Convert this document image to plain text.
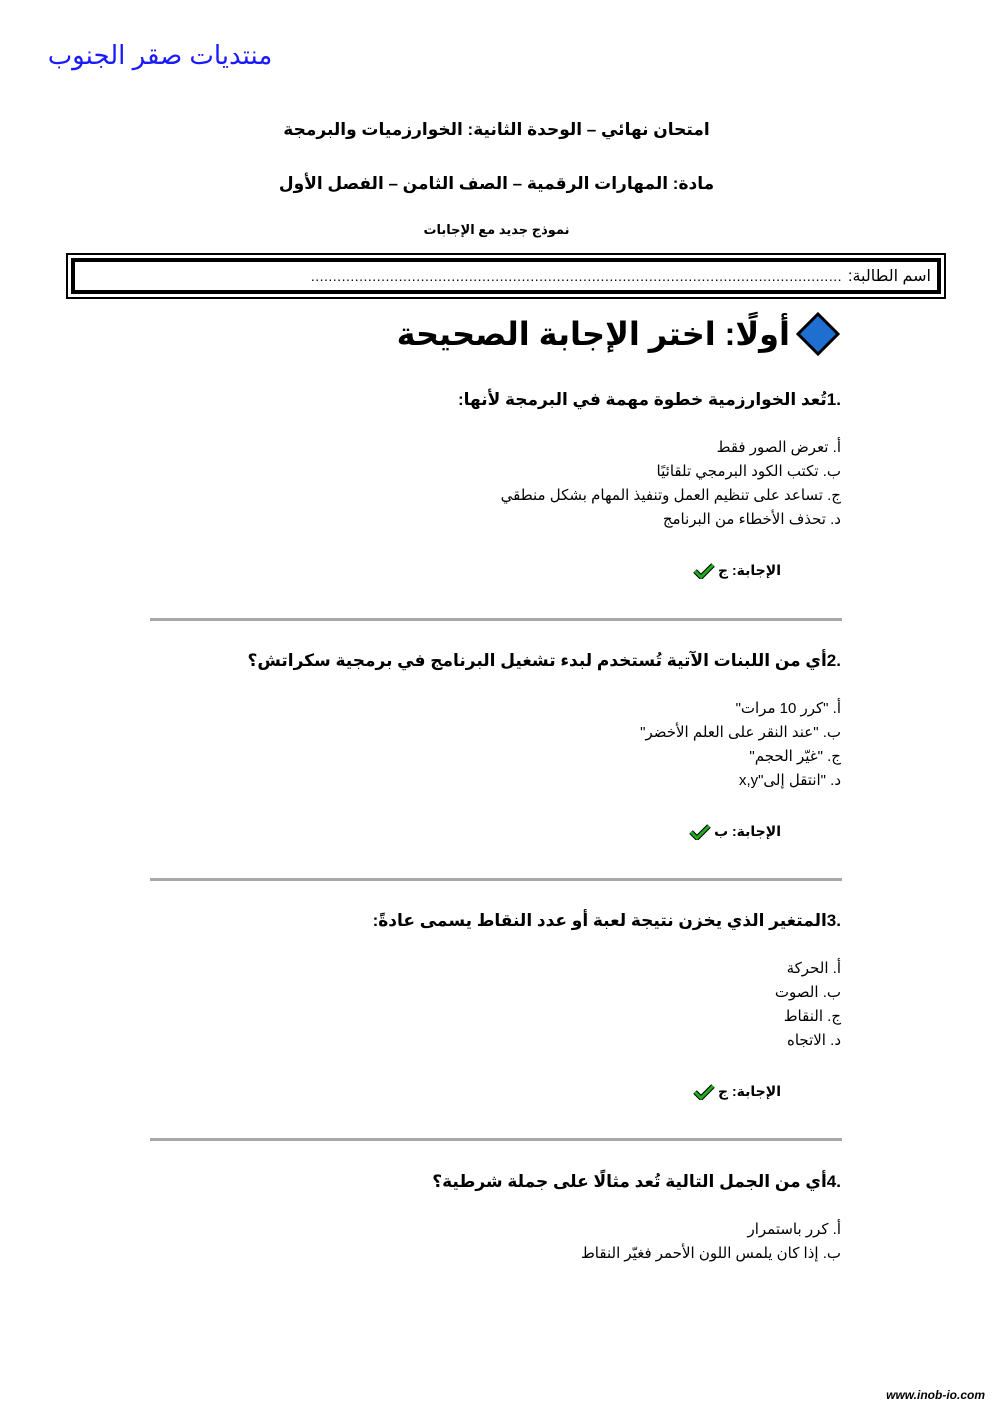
منتديات صقر الجنوب
امتحان نهائي – الوحدة الثانية: الخوارزميات والبرمجة
مادة: المهارات الرقمية – الصف الثامن – الفصل الأول
نموذج جديد مع الإجابات
اسم الطالبة:
.........................................................................................................................
أولًا: اختر الإجابة الصحيحة
.1تُعد الخوارزمية خطوة مهمة في البرمجة لأنها:
أ. تعرض الصور فقط
ب. تكتب الكود البرمجي تلقائيًا
ج. تساعد على تنظيم العمل وتنفيذ المهام بشكل منطقي
د. تحذف الأخطاء من البرنامج
الإجابة: ج
.2أي من اللبنات الآتية تُستخدم لبدء تشغيل البرنامج في برمجية سكراتش؟
أ. "كرر 10 مرات"
ب. "عند النقر على العلم الأخضر"
ج. "غيّر الحجم"
د. "انتقل إلى"x,y
الإجابة: ب
.3المتغير الذي يخزن نتيجة لعبة أو عدد النقاط يسمى عادةً:
أ. الحركة
ب. الصوت
ج. النقاط
د. الاتجاه
الإجابة: ج
.4أي من الجمل التالية تُعد مثالًا على جملة شرطية؟
أ. كرر باستمرار
ب. إذا كان يلمس اللون الأحمر فغيّر النقاط
www.inob-io.com
